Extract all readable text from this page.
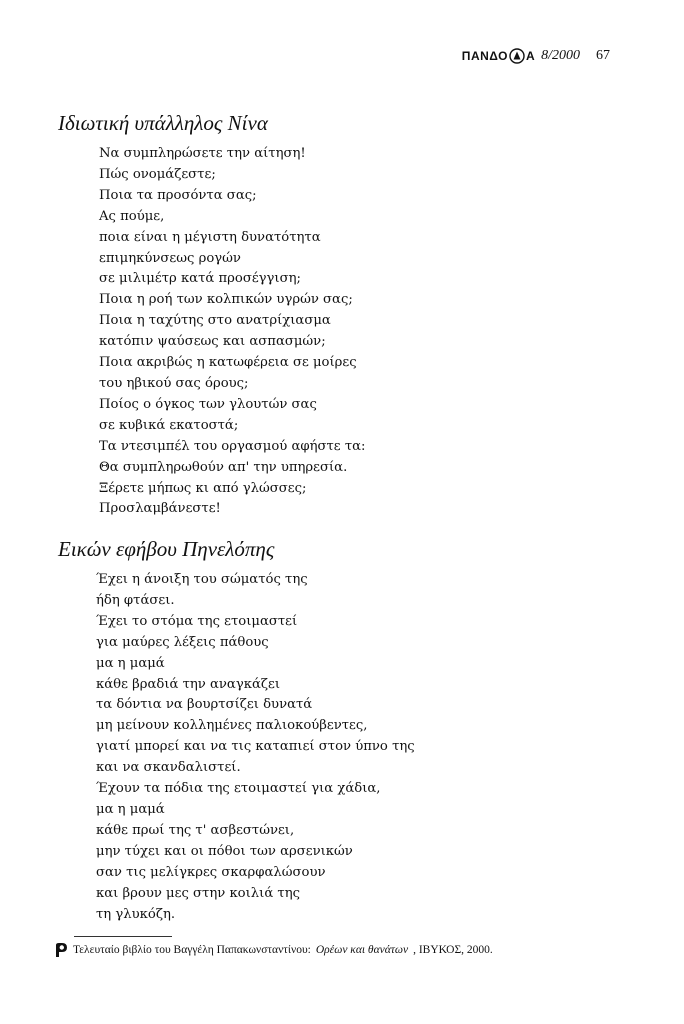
ΠΑΝΔΟ Α 8/2000 67
Ιδιωτική υπάλληλος Νίνα
Να συμπληρώσετε την αίτηση!
Πώς ονομάζεστε;
Ποια τα προσόντα σας;
Ας πούμε,
ποια είναι η μέγιστη δυνατότητα
επιμηκύνσεως ρογών
σε μιλιμέτρ κατά προσέγγιση;
Ποια η ροή των κολπικών υγρών σας;
Ποια η ταχύτης στο ανατρίχιασμα
κατόπιν ψαύσεως και ασπασμών;
Ποια ακριβώς η κατωφέρεια σε μοίρες
του ηβικού σας όρους;
Ποίος ο όγκος των γλουτών σας
σε κυβικά εκατοστά;
Τα ντεσιμπέλ του οργασμού αφήστε τα:
Θα συμπληρωθούν απ' την υπηρεσία.
Ξέρετε μήπως κι από γλώσσες;
Προσλαμβάνεστε!
Εικών εφήβου Πηνελόπης
Έχει η άνοιξη του σώματός της
ήδη φτάσει.
Έχει το στόμα της ετοιμαστεί
για μαύρες λέξεις πάθους
μα η μαμά
κάθε βραδιά την αναγκάζει
τα δόντια να βουρτσίζει δυνατά
μη μείνουν κολλημένες παλιοκούβεντες,
γιατί μπορεί και να τις καταπιεί στον ύπνο της
και να σκανδαλιστεί.
Έχουν τα πόδια της ετοιμαστεί για χάδια,
μα η μαμά
κάθε πρωί της τ' ασβεστώνει,
μην τύχει και οι πόθοι των αρσενικών
σαν τις μελίγκρες σκαρφαλώσουν
και βρουν μες στην κοιλιά της
τη γλυκόζη.
Τελευταίο βιβλίο του Βαγγέλη Παπακωνσταντίνου: Ορέων και θανάτων , ΙΒΥΚΟΣ, 2000.
